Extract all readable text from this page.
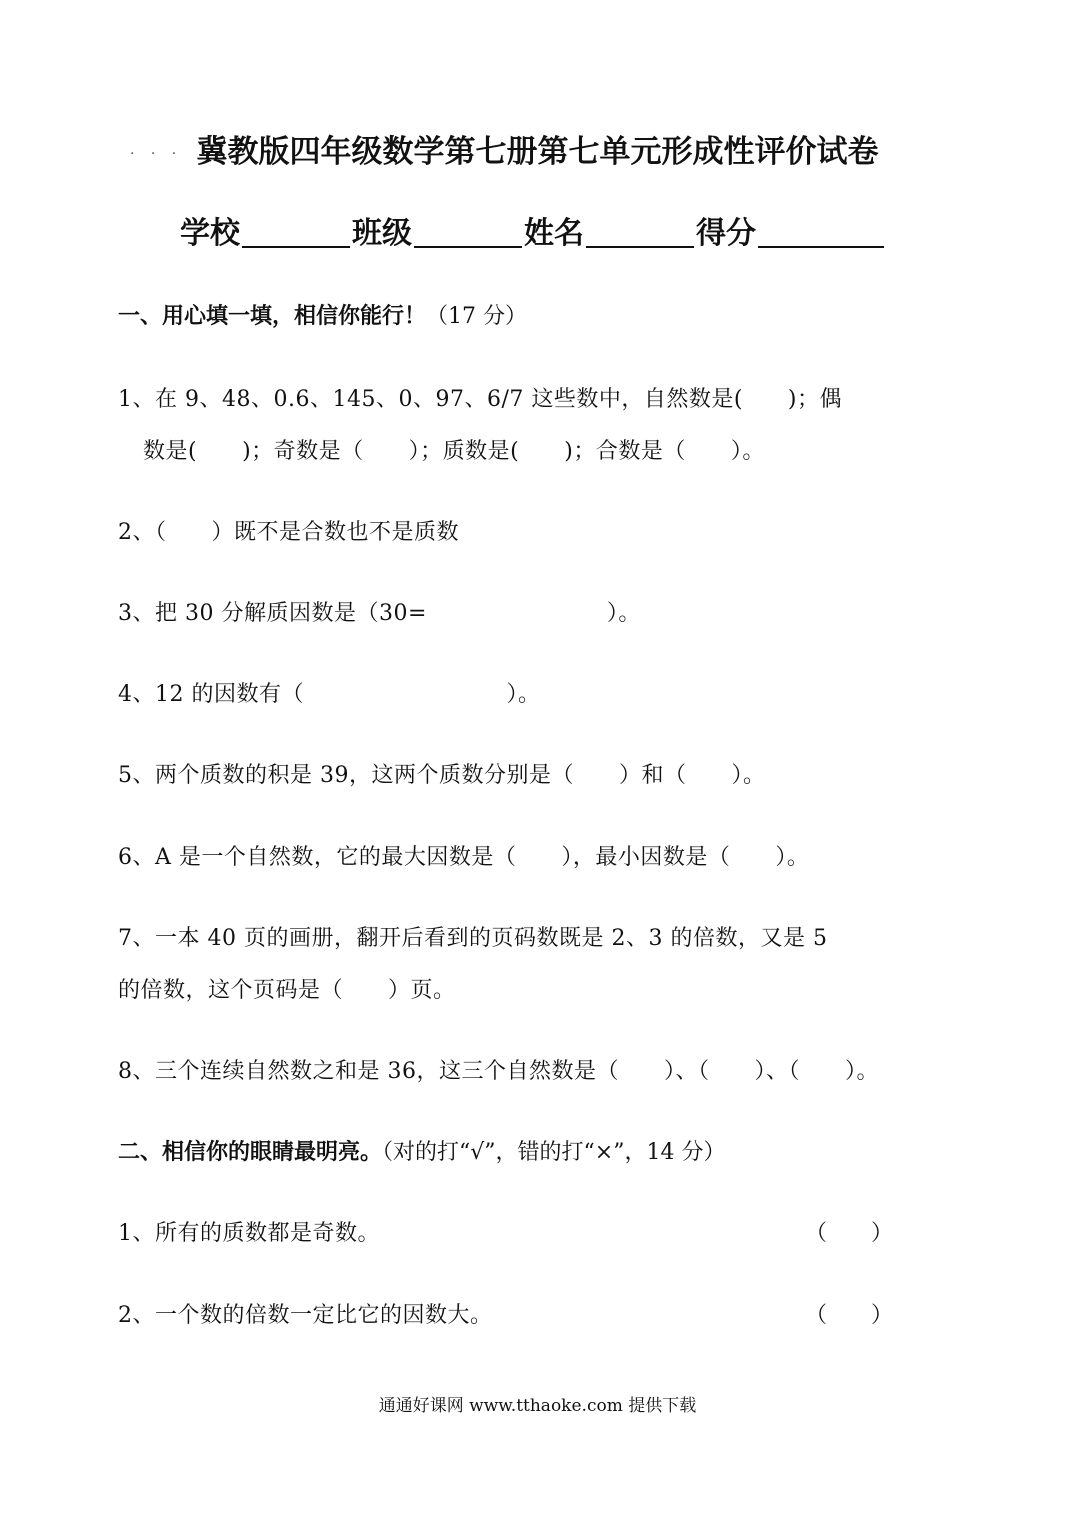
. . . 冀教版四年级数学第七册第七单元形成性评价试卷
学校	班级	姓名	得分
一、用心填一填，相信你能行！（17 分）
1、在 9、48、0.6、145、0、97、6/7 这些数中，自然数是(　　)；偶
数是(　　)；奇数是（　　）；质数是(　　)；合数是（　　）。
2、（　　）既不是合数也不是质数
3、把 30 分解质因数是（30=　　　　　　　　）。
4、12 的因数有（　　　　　　　　　）。
5、两个质数的积是 39，这两个质数分别是（　　）和（　　）。
6、A 是一个自然数，它的最大因数是（　　），最小因数是（　　）。
7、一本 40 页的画册，翻开后看到的页码数既是 2、3 的倍数，又是 5
的倍数，这个页码是（　　）页。
8、三个连续自然数之和是 36，这三个自然数是（　　）、（　　）、（　　）。
二、相信你的眼睛最明亮。（对的打“√”，错的打“×”，14 分）
1、所有的质数都是奇数。	（　　）
2、一个数的倍数一定比它的因数大。	（　　）
通通好课网 www.tthaoke.com 提供下载
